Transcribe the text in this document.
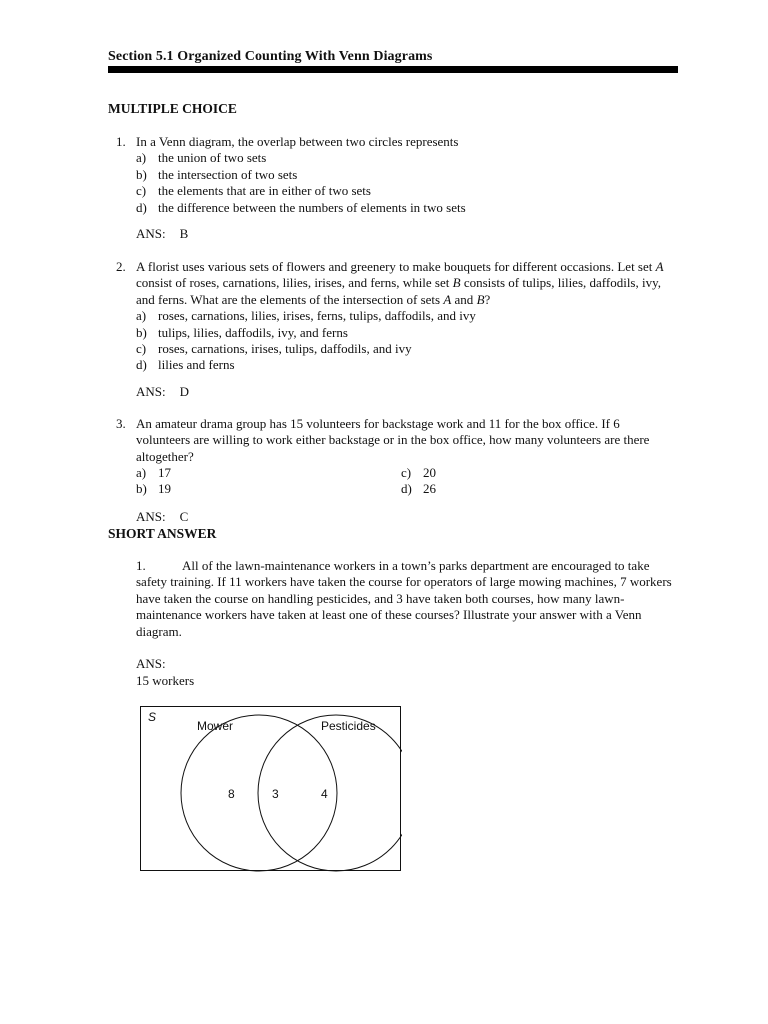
Section 5.1 Organized Counting With Venn Diagrams
MULTIPLE CHOICE
1. In a Venn diagram, the overlap between two circles represents
a) the union of two sets
b) the intersection of two sets
c) the elements that are in either of two sets
d) the difference between the numbers of elements in two sets
ANS: B
2. A florist uses various sets of flowers and greenery to make bouquets for different occasions. Let set A consist of roses, carnations, lilies, irises, and ferns, while set B consists of tulips, lilies, daffodils, ivy, and ferns. What are the elements of the intersection of sets A and B?
a) roses, carnations, lilies, irises, ferns, tulips, daffodils, and ivy
b) tulips, lilies, daffodils, ivy, and ferns
c) roses, carnations, irises, tulips, daffodils, and ivy
d) lilies and ferns
ANS: D
3. An amateur drama group has 15 volunteers for backstage work and 11 for the box office. If 6 volunteers are willing to work either backstage or in the box office, how many volunteers are there altogether?
a) 17
b) 19
c) 20
d) 26
ANS: C
SHORT ANSWER
1.	All of the lawn-maintenance workers in a town’s parks department are encouraged to take safety training. If 11 workers have taken the course for operators of large mowing machines, 7 workers have taken the course on handling pesticides, and 3 have taken both courses, how many lawn-maintenance workers have taken at least one of these courses? Illustrate your answer with a Venn diagram.
ANS:
15 workers
S
Mower	Pesticides
8	3	4
